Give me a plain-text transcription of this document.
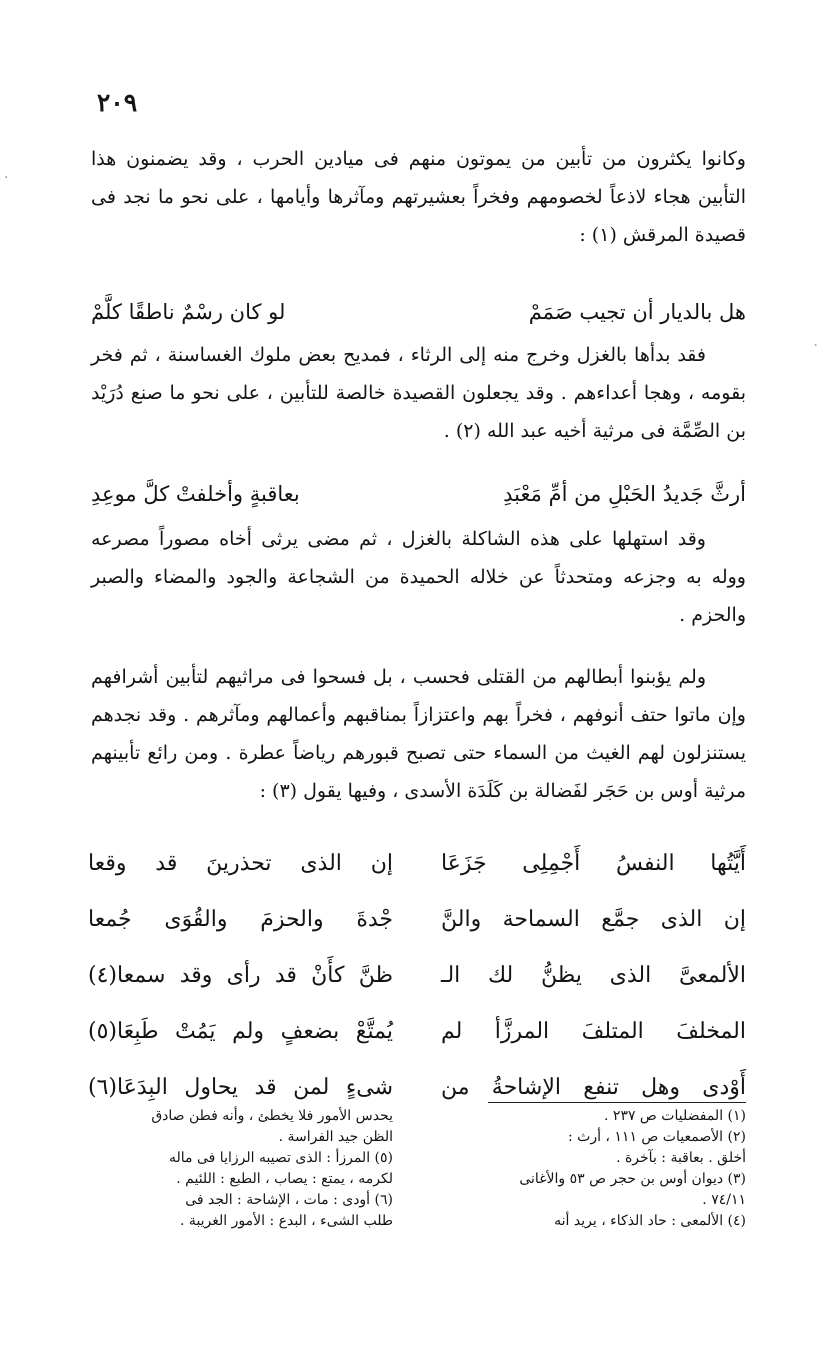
٢٠٩

وكانوا يكثرون من تأبين من يموتون منهم فى ميادين الحرب ، وقد يضمنون هذا التأبين هجاء لاذعاً لخصومهم وفخراً بعشيرتهم ومآثرها وأيامها ، على نحو ما نجد فى قصيدة المرقش (١) :

هل بالديار أن تجيب صَمَمْ
لو كان رسْمٌ ناطقًا كلَّمْ

فقد بدأها بالغزل وخرج منه إلى الرثاء ، فمديح بعض ملوك الغساسنة ، ثم فخر بقومه ، وهجا أعداءهم . وقد يجعلون القصيدة خالصة للتأبين ، على نحو ما صنع دُرَيْد بن الصِّمَّة فى مرثية أخيه عبد الله (٢) .

أرثَّ جَديدُ الحَبْلِ من أمِّ مَعْبَدِ
بعاقبةٍ وأخلفتْ كلَّ موعِدِ

وقد استهلها على هذه الشاكلة بالغزل ، ثم مضى يرثى أخاه مصوراً مصرعه ووله به وجزعه ومتحدثاً عن خلاله الحميدة من الشجاعة والجود والمضاء والصبر والحزم .

ولم يؤبنوا أبطالهم من القتلى فحسب ، بل فسحوا فى مراثيهم لتأبين أشرافهم وإن ماتوا حتف أنوفهم ، فخراً بهم واعتزازاً بمناقبهم وأعمالهم ومآثرهم . وقد نجدهم يستنزلون لهم الغيث من السماء حتى تصبح قبورهم رياضاً عطرة . ومن رائع تأبينهم مرثية أوس بن حَجَر لفَضالة بن كَلَدَة الأسدى ، وفيها يقول (٣) :

أَيَّتُها النفسُ أَجْمِلِى جَزَعَا
إن الذى جمَّع السماحة والنَّ
الألمعىَّ الذى يظنُّ لك الـ
المخلفَ المتلفَ المرزَّأ لم
أَوْدى وهل تنفع الإشاحةُ من
إن الذى تحذرينَ قد وقعا
جْدةَ والحزمَ والقُوَى جُمعا
ظنَّ كأَنْ قد رأى وقد سمعا(٤)
يُمتَّعْ بضعفٍ ولم يَمُتْ طَبِعَا(٥)
شىءٍ لمن قد يحاول البِدَعَا(٦)
(١) المفضليات ص ٢٣٧ .
(٢) الأصمعيات ص ١١١ ، أرث :
أخلق . بعاقبة : بآخرة .
(٣) ديوان أوس بن حجر ص ٥٣ والأغانى
٧٤/١١ .
(٤) الألمعى : حاد الذكاء ، يريد أنه
يحدس الأمور فلا يخطئ ، وأنه فطن صادق
الظن جيد الفراسة .
(٥) المرزأ : الذى تصيبه الرزايا فى ماله
لكرمه ، يمتع : يصاب ، الطبع : اللئيم .
(٦) أودى : مات ، الإشاحة : الجد فى
طلب الشىء ، البدع : الأمور الغريبة .
·
·
